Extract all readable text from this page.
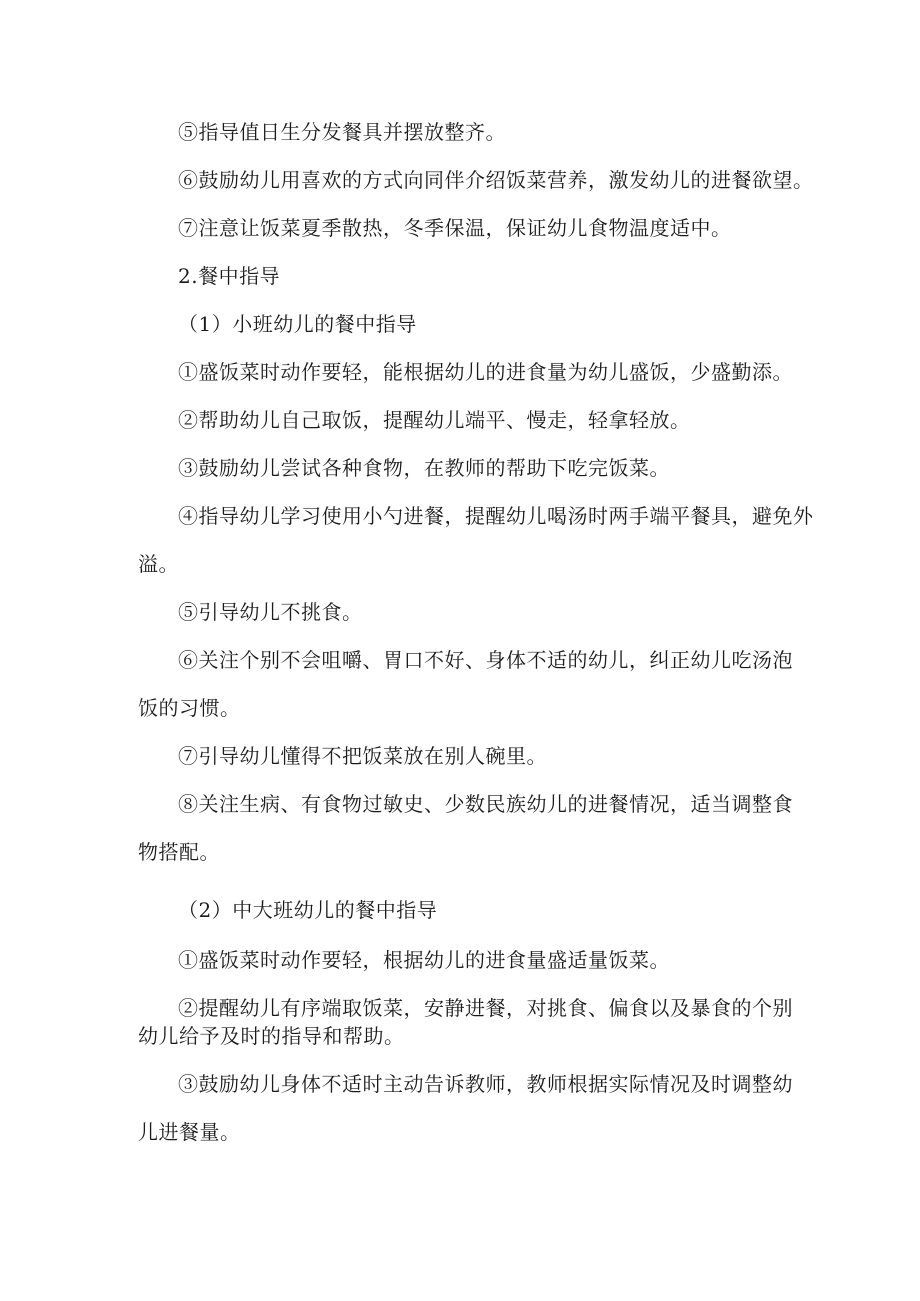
⑤指导值日生分发餐具并摆放整齐。
⑥鼓励幼儿用喜欢的方式向同伴介绍饭菜营养，激发幼儿的进餐欲望。
⑦注意让饭菜夏季散热，冬季保温，保证幼儿食物温度适中。
2.餐中指导
（1）小班幼儿的餐中指导
①盛饭菜时动作要轻，能根据幼儿的进食量为幼儿盛饭，少盛勤添。
②帮助幼儿自己取饭，提醒幼儿端平、慢走，轻拿轻放。
③鼓励幼儿尝试各种食物，在教师的帮助下吃完饭菜。
④指导幼儿学习使用小勺进餐，提醒幼儿喝汤时两手端平餐具，避免外
溢。
⑤引导幼儿不挑食。
⑥关注个别不会咀嚼、胃口不好、身体不适的幼儿，纠正幼儿吃汤泡
饭的习惯。
⑦引导幼儿懂得不把饭菜放在别人碗里。
⑧关注生病、有食物过敏史、少数民族幼儿的进餐情况，适当调整食
物搭配。
（2）中大班幼儿的餐中指导
①盛饭菜时动作要轻，根据幼儿的进食量盛适量饭菜。
②提醒幼儿有序端取饭菜，安静进餐，对挑食、偏食以及暴食的个别
幼儿给予及时的指导和帮助。
③鼓励幼儿身体不适时主动告诉教师，教师根据实际情况及时调整幼
儿进餐量。
